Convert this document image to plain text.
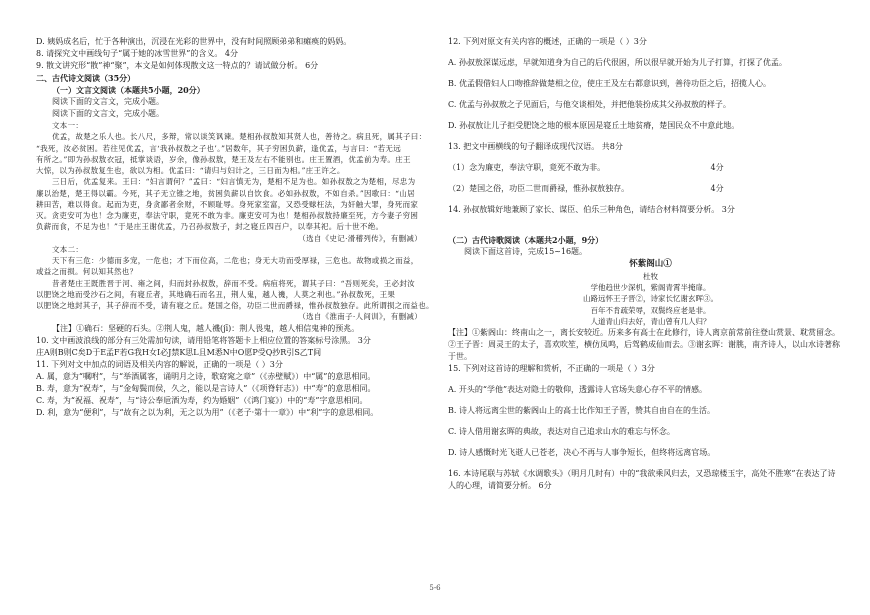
D. 姨妈成名后，忙于各种演出，沉浸在光彩的世界中，没有时间照顾弟弟和瘫痪的妈妈。

8. 请探究文中画线句子“属于她的冰雪世界”的含义。 4分

9. 散文讲究形“散”神“聚”，本文是如何体现散文这一特点的？请试做分析。 6分

二、古代诗文阅读（35分）

（一）文言文阅读（本题共5小题，20分）

阅读下面的文言文，完成小题。

阅读下面的文言文，完成小题。

文本一：

优孟，故楚之乐人也。长八尺，多辩，常以谈笑讽谏。楚相孙叔敖知其贤人也，善待之。病且死，属其子曰：

“我死，汝必贫困。若往见优孟，言‘我孙叔敖之子也’。”居数年，其子穷困负薪，逢优孟，与言曰：“若无远

有所之。”即为孙叔敖衣冠，抵掌谈语，岁余，像孙叔敖，楚王及左右不能别也。庄王置酒，优孟前为寿。庄王

大惊，以为孙叔敖复生也，欲以为相。优孟曰：“请归与妇计之，三日而为相。”庄王许之。

三日后，优孟复来。王曰：“妇言谓何？”孟曰：“妇言慎无为，楚相不足为也。如孙叔敖之为楚相，尽忠为

廉以治楚，楚王得以霸。今死，其子无立锥之地，贫困负薪以自饮食。必如孙叔敖，不如自杀。”因歌曰：“山居

耕田苦，难以得食。起而为吏，身贪鄙者余财，不顾耻辱。身死家室富，又恐受赇枉法，为奸触大罪，身死而家

灭。贪吏安可为也！念为廉吏，奉法守职，竟死不敢为非。廉吏安可为也！楚相孙叔敖持廉至死，方今妻子穷困

负薪而食，不足为也！”于是庄王谢优孟，乃召孙叔敖子，封之寝丘四百户，以奉其祀。后十世不绝。

（选自《史记·滑稽列传》，有删减）

文本二：

天下有三危：少德而多宠，一危也；才下而位高，二危也；身无大功而受厚禄，三危也。故物或损之而益，

或益之而损。何以知其然也？

昔者楚庄王既胜晋于河、雍之间，归而封孙叔敖，辞而不受。病疽将死，谓其子曰：“吾则死矣，王必封汝

以肥饶之地而受沙石之间，有寝丘者，其地确石而名丑，荆人鬼，越人禨，人莫之利也。”孙叔敖死，王果

以肥饶之地封其子，其子辞而不受，请有寝之丘。楚国之俗，功臣二世而爵禄，惟孙叔敖独存。此所谓损之而益也。

（选自《淮南子·人间训》，有删减）

【注】①确石：坚硬的石头。②荆人鬼，越人禨(jī)：荆人畏鬼，越人相信鬼神的预兆。

10. 文中画波浪线的部分有三处需加句读，请用铅笔将答题卡上相应位置的答案标号涂黑。 3分

庄A则B则C矣D于E孟F若G我H女I必J禁K思L且M悉N中O愿P受Q抄R引S乙T间

11. 下列对文中加点的词语及相关内容的解说，正确的一项是（ ）3分

A. 属，意为“嘱咐”，与“举酒属客，诵明月之诗，歌窈窕之章”（《赤壁赋》）中“属”的意思相同。

B. 寿，意为“祝寿”，与“金甸鬓而侯，久之，能以是言诗人”（《项脊轩志》）中“寿”的意思相同。

C. 寿，为“祝福、祝寿”，与“诗公奉巵酒为寿，约为婚姻”（《鸿门宴》）中的“寿”字意思相同。

D. 利，意为“便利”，与“故有之以为利，无之以为用”（《老子·第十一章》）中“利”字的意思相同。

12. 下列对原文有关内容的概述，正确的一项是（ ）3分

A. 孙叔敖深谋远虑，早就知道身为自己的后代很困，所以很早就开始为儿子打算，打探了优孟。

B. 优孟假借妇人口吻推辞做楚相之位，使庄王及左右都意识到，善待功臣之后，招揽人心。

C. 优孟与孙叔敖之子见面后，与他交谈相处，并把他装扮成其父孙叔敖的样子。

D. 孙叔敖让儿子拒受肥饶之地的根本原因是寝丘土地贫瘠，楚国民众不中意此地。

13. 把文中画横线的句子翻译成现代汉语。 共8分

（1）念为廉吏，奉法守职，竟死不敢为非。	4分

（2）楚国之俗，功臣二世而爵禄，惟孙叔敖独存。	4分

14. 孙叔敖辑好地兼顾了家长、谋臣、伯乐三种角色，请结合材料简要分析。 3分

（二）古代诗歌阅读（本题共2小题，9分）

阅读下面这首诗，完成15~16题。

怀紫阁山①

杜牧

学他趋世少深机，紫阁青霄半掩扉。

山路远怀王子晋②，诗家长忆谢玄晖③。

百年不肯疏荣辱，双鬓终应老是非。

人道青山归去好，青山曾有几人归？

【注】①紫阁山：终南山之一，离长安较近。历来多有高士在此修行，诗人离京前常前往登山赏景、耽赏留念。

②王子晋：周灵王的太子，喜欢吹笙，横仿凤鸣，后驾鹤成仙而去。③谢玄晖：谢朓，南齐诗人，以山水诗著称

于世。

15. 下列对这首诗的理解和赏析，不正确的一项是（ ）3分

A. 开头的“学他”表达对隐士的敬仰，透露诗人官场失意心存不平的情感。

B. 诗人将远离尘世的紫阁山上的高士比作知王子晋，赞其自由自在的生活。

C. 诗人借用谢玄晖的典故，表达对自己追求山水的难忘与怀念。

D. 诗人感慨时光飞逝人已苍老，决心不再与人事争短长，但终将远离官场。

16. 本诗尾联与苏轼《水调歌头》（明月几时有）中的“我欲乘风归去，又恐琼楼玉宇，高处不胜寒”在表达了诗

人的心理，请简要分析。 6分

5-6
